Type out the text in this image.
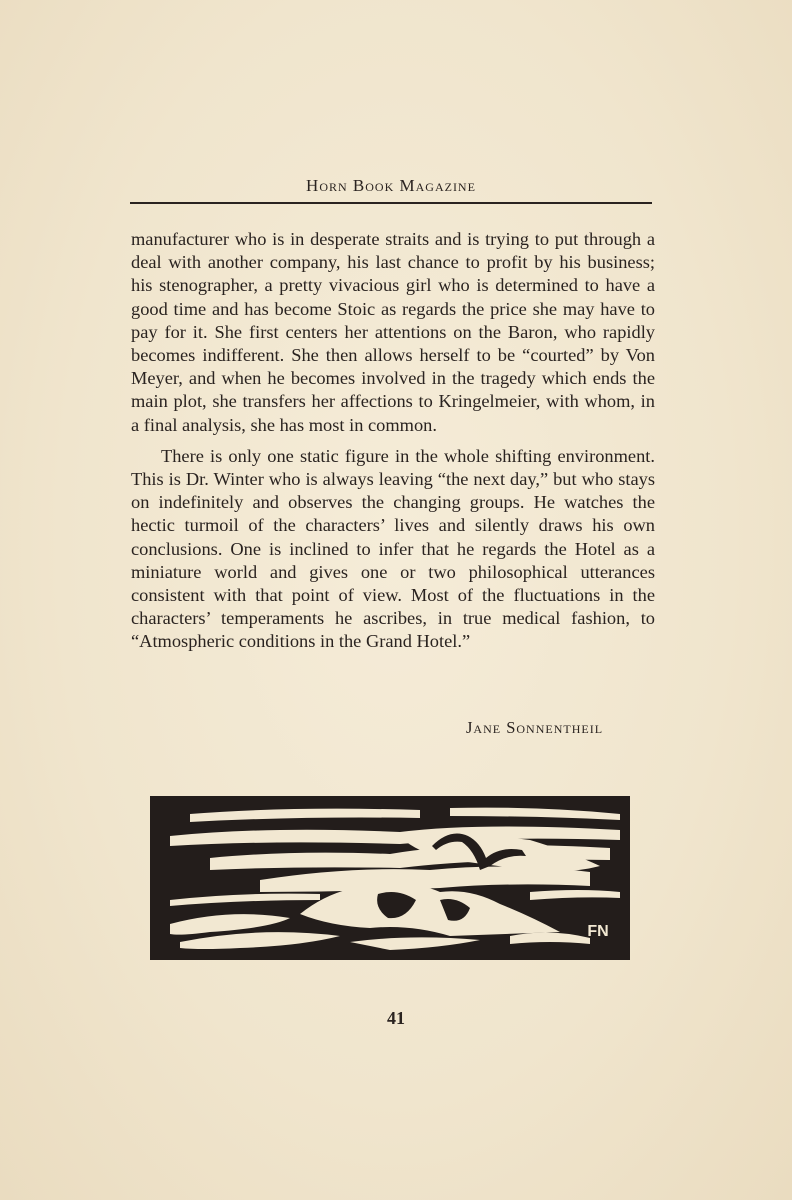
Horn Book Magazine

manufacturer who is in desperate straits and is trying to put through a deal with another company, his last chance to profit by his business; his stenographer, a pretty vivacious girl who is determined to have a good time and has become Stoic as regards the price she may have to pay for it. She first centers her attentions on the Baron, who rapidly becomes indifferent. She then allows herself to be “courted” by Von Meyer, and when he becomes involved in the tragedy which ends the main plot, she transfers her affections to Kringelmeier, with whom, in a final analysis, she has most in common.

There is only one static figure in the whole shifting environment. This is Dr. Winter who is always leaving “the next day,” but who stays on indefinitely and observes the changing groups. He watches the hectic turmoil of the characters’ lives and silently draws his own conclusions. One is inclined to infer that he regards the Hotel as a miniature world and gives one or two philosophical utterances consistent with that point of view. Most of the fluctuations in the characters’ temperaments he ascribes, in true medical fashion, to “Atmospheric conditions in the Grand Hotel.”

Jane Sonnentheil
FN
41
